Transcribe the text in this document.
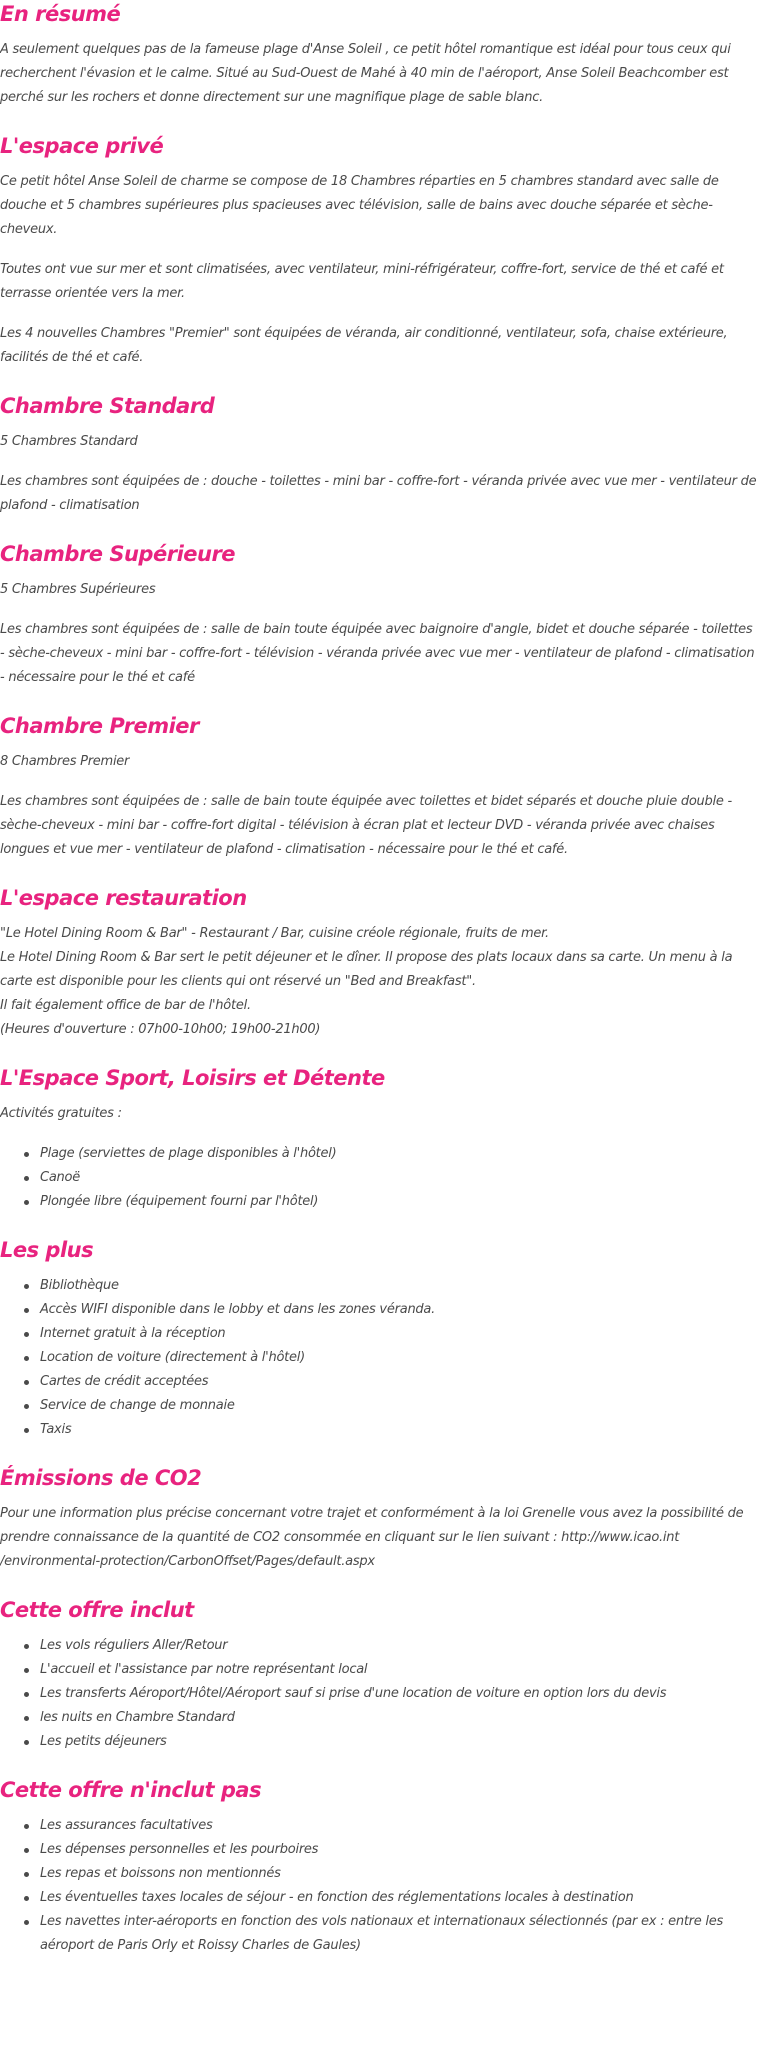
En résumé

A seulement quelques pas de la fameuse plage d'Anse Soleil , ce petit hôtel romantique est idéal pour tous ceux qui recherchent l'évasion et le calme. Situé au Sud-Ouest de Mahé à 40 min de l'aéroport, Anse Soleil Beachcomber est perché sur les rochers et donne directement sur une magnifique plage de sable blanc.

L'espace privé

Ce petit hôtel Anse Soleil de charme se compose de 18 Chambres réparties en 5 chambres standard avec salle de douche et 5 chambres supérieures plus spacieuses avec télévision, salle de bains avec douche séparée et sèche-cheveux.

Toutes ont vue sur mer et sont climatisées, avec ventilateur, mini-réfrigérateur, coffre-fort, service de thé et café et terrasse orientée vers la mer.

Les 4 nouvelles Chambres "Premier" sont équipées de véranda, air conditionné, ventilateur, sofa, chaise extérieure, facilités de thé et café.

Chambre Standard

5 Chambres Standard

Les chambres sont équipées de : douche - toilettes - mini bar - coffre-fort - véranda privée avec vue mer - ventilateur de plafond - climatisation

Chambre Supérieure

5 Chambres Supérieures

Les chambres sont équipées de : salle de bain toute équipée avec baignoire d'angle, bidet et douche séparée - toilettes - sèche-cheveux - mini bar - coffre-fort - télévision - véranda privée avec vue mer - ventilateur de plafond - climatisation - nécessaire pour le thé et café

Chambre Premier

8 Chambres Premier

Les chambres sont équipées de : salle de bain toute équipée avec toilettes et bidet séparés et douche pluie double - sèche-cheveux - mini bar - coffre-fort digital - télévision à écran plat et lecteur DVD - véranda privée avec chaises longues et vue mer - ventilateur de plafond - climatisation - nécessaire pour le thé et café.

L'espace restauration

"Le Hotel Dining Room & Bar" - Restaurant / Bar, cuisine créole régionale, fruits de mer.

Le Hotel Dining Room & Bar sert le petit déjeuner et le dîner. Il propose des plats locaux dans sa carte. Un menu à la carte est disponible pour les clients qui ont réservé un "Bed and Breakfast".

Il fait également office de bar de l'hôtel.

(Heures d'ouverture : 07h00-10h00; 19h00-21h00)

L'Espace Sport, Loisirs et Détente

Activités gratuites :

Plage (serviettes de plage disponibles à l'hôtel)
Canoë
Plongée libre (équipement fourni par l'hôtel)
Les plus
Bibliothèque
Accès WIFI disponible dans le lobby et dans les zones véranda.
Internet gratuit à la réception
Location de voiture (directement à l'hôtel)
Cartes de crédit acceptées
Service de change de monnaie
Taxis
Émissions de CO2

Pour une information plus précise concernant votre trajet et conformément à la loi Grenelle vous avez la possibilité de prendre connaissance de la quantité de CO2 consommée en cliquant sur le lien suivant : http://www.icao.int /environmental-protection/CarbonOffset/Pages/default.aspx

Cette offre inclut
Les vols réguliers Aller/Retour
L'accueil et l'assistance par notre représentant local
Les transferts Aéroport/Hôtel/Aéroport sauf si prise d'une location de voiture en option lors du devis
les nuits en Chambre Standard
Les petits déjeuners
Cette offre n'inclut pas
Les assurances facultatives
Les dépenses personnelles et les pourboires
Les repas et boissons non mentionnés
Les éventuelles taxes locales de séjour - en fonction des réglementations locales à destination
Les navettes inter-aéroports en fonction des vols nationaux et internationaux sélectionnés (par ex : entre les aéroport de Paris Orly et Roissy Charles de Gaules)
